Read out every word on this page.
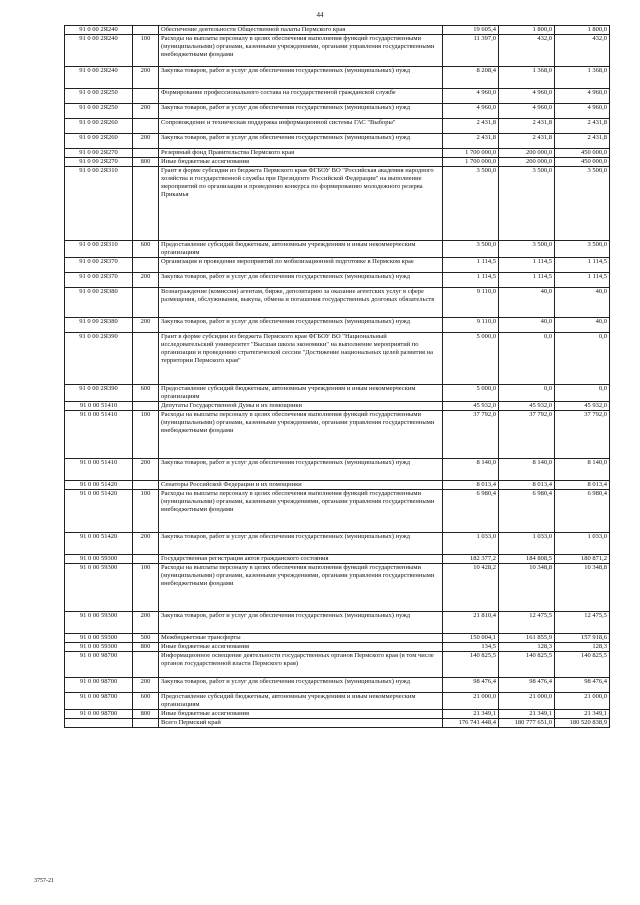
44
91 0 00 2Я240		Обеспечение деятельности Общественной палаты Пермского края	19 605,4	1 800,0	1 800,0
91 0 00 2Я240	100	Расходы на выплаты персоналу в целях обеспечения выполнения функций государственными (муниципальными) органами, казенными учреждениями, органами управления государственными внебюджетными фондами	11 397,0	432,0	432,0
91 0 00 2Я240	200	Закупка товаров, работ и услуг для обеспечения государственных (муниципальных) нужд	8 208,4	1 368,0	1 368,0
91 0 00 2Я250		Формирование профессионального состава на государственной гражданской службе	4 960,0	4 960,0	4 960,0
91 0 00 2Я250	200	Закупка товаров, работ и услуг для обеспечения государственных (муниципальных) нужд	4 960,0	4 960,0	4 960,0
91 0 00 2Я260		Сопровождение и техническая поддержка информационной системы ГАС "Выборы"	2 431,8	2 431,8	2 431,8
91 0 00 2Я260	200	Закупка товаров, работ и услуг для обеспечения государственных (муниципальных) нужд	2 431,8	2 431,8	2 431,8
91 0 00 2Я270		Резервный фонд Правительства Пермского края	1 700 000,0	200 000,0	450 000,0
91 0 00 2Я270	800	Иные бюджетные ассигнования	1 700 000,0	200 000,0	450 000,0
91 0 00 2Я310		Грант в форме субсидии из бюджета Пермского края ФГБОУ ВО "Российская академия народного хозяйства и государственной службы при Президенте Российской Федерации" на выполнение мероприятий по организации и проведению конкурса по формированию молодежного резерва Прикамья	3 500,0	3 500,0	3 500,0
91 0 00 2Я310	600	Предоставление субсидий бюджетным, автономным учреждениям и иным некоммерческим организациям	3 500,0	3 500,0	3 500,0
91 0 00 2Я370		Организация и проведение мероприятий по мобилизационной подготовке в Пермском крае	1 114,5	1 114,5	1 114,5
91 0 00 2Я370	200	Закупка товаров, работ и услуг для обеспечения государственных (муниципальных) нужд	1 114,5	1 114,5	1 114,5
91 0 00 2Я380		Вознаграждение (комиссия) агентам, бирже, депозитарию за оказание агентских услуг в сфере размещения, обслуживания, выкупа, обмена и погашения государственных долговых обязательств	9 110,0	40,0	40,0
91 0 00 2Я380	200	Закупка товаров, работ и услуг для обеспечения государственных (муниципальных) нужд	9 110,0	40,0	40,0
91 0 00 2Я390		Грант в форме субсидии из бюджета Пермского края ФГБОУ ВО "Национальный исследовательский университет "Высшая школа экономики" на выполнение мероприятий по организации и проведению стратегической сессии "Достижение национальных целей развития на территории Пермского края"	5 000,0	0,0	0,0
91 0 00 2Я390	600	Предоставление субсидий бюджетным, автономным учреждениям и иным некоммерческим организациям	5 000,0	0,0	0,0
91 0 00 51410		Депутаты Государственной Думы и их помощники	45 932,0	45 932,0	45 932,0
91 0 00 51410	100	Расходы на выплаты персоналу в целях обеспечения выполнения функций государственными (муниципальными) органами, казенными учреждениями, органами управления государственными внебюджетными фондами	37 792,0	37 792,0	37 792,0
91 0 00 51410	200	Закупка товаров, работ и услуг для обеспечения государственных (муниципальных) нужд	8 140,0	8 140,0	8 140,0
91 0 00 51420		Сенаторы Российской Федерации и их помощники	8 013,4	8 013,4	8 013,4
91 0 00 51420	100	Расходы на выплаты персоналу в целях обеспечения выполнения функций государственными (муниципальными) органами, казенными учреждениями, органами управления государственными внебюджетными фондами	6 980,4	6 980,4	6 980,4
91 0 00 51420	200	Закупка товаров, работ и услуг для обеспечения государственных (муниципальных) нужд	1 033,0	1 033,0	1 033,0
91 0 00 59300		Государственная регистрация актов гражданского состояния	182 377,2	184 808,5	180 871,2
91 0 00 59300	100	Расходы на выплаты персоналу в целях обеспечения выполнения функций государственными (муниципальными) органами, казенными учреждениями, органами управления государственными внебюджетными фондами	10 428,2	10 348,8	10 348,8
91 0 00 59300	200	Закупка товаров, работ и услуг для обеспечения государственных (муниципальных) нужд	21 810,4	12 475,5	12 475,5
91 0 00 59300	500	Межбюджетные трансферты	150 004,1	161 855,9	157 918,6
91 0 00 59300	800	Иные бюджетные ассигнования	134,5	128,3	128,3
91 0 00 98700		Информационное освещение деятельности государственных органов Пермского края (в том числе органов государственной власти Пермского края)	140 825,5	140 825,5	140 825,5
91 0 00 98700	200	Закупка товаров, работ и услуг для обеспечения государственных (муниципальных) нужд	98 476,4	98 476,4	98 476,4
91 0 00 98700	600	Предоставление субсидий бюджетным, автономным учреждениям и иным некоммерческим организациям	21 000,0	21 000,0	21 000,0
91 0 00 98700	800	Иные бюджетные ассигнования	21 349,1	21 349,1	21 349,1
		Всего Пермский край	176 741 448,4	180 777 651,0	180 520 838,9
3757-21
